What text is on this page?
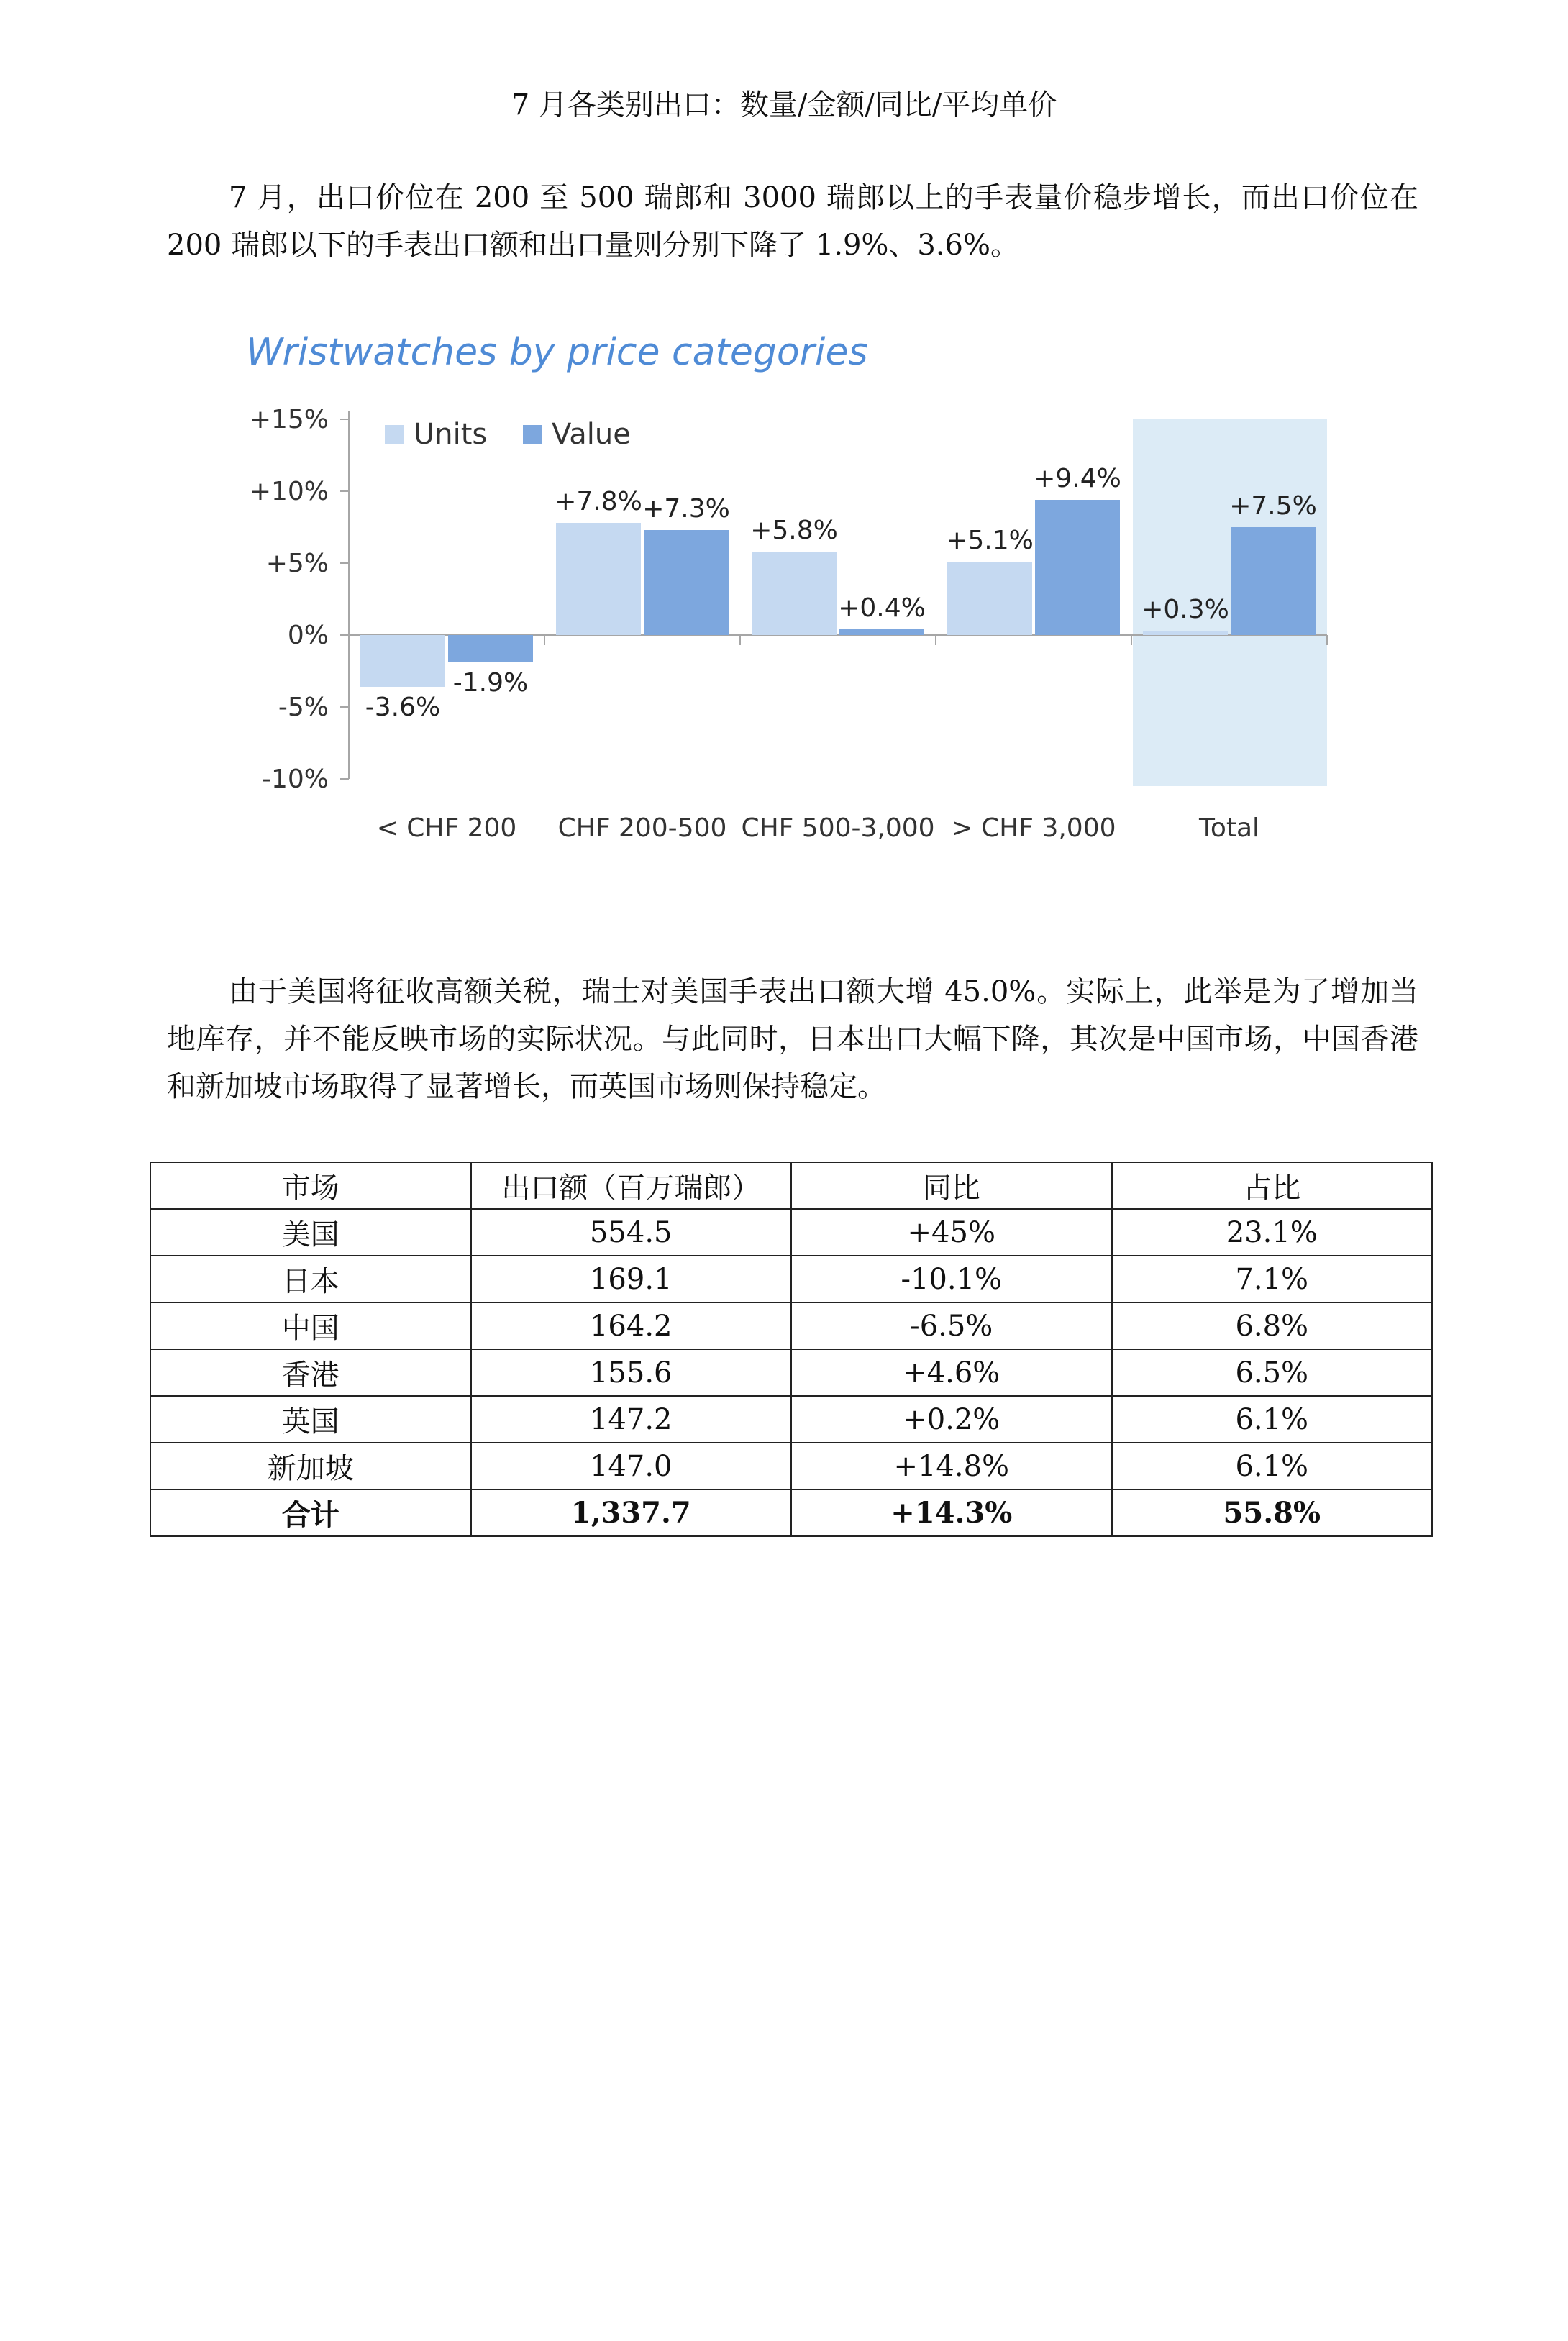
7 月各类别出口：数量/金额/同比/平均单价

7 月，出口价位在 200 至 500 瑞郎和 3000 瑞郎以上的手表量价稳步增长，而出口价位在 200 瑞郎以下的手表出口额和出口量则分别下降了 1.9%、3.6%。

Wristwatches by price categories
+15%
+10%
+5%
0%
-5%
-10%
-3.6%
-1.9%
< CHF 200
+7.8% +7.3%
CHF 200-500
+5.8%
+0.4%
CHF 500-3,000
+5.1%
+9.4%
> CHF 3,000
+0.3%
+7.5%
Total
Units Value

由于美国将征收高额关税，瑞士对美国手表出口额大增 45.0%。实际上，此举是为了增加当地库存，并不能反映市场的实际状况。与此同时，日本出口大幅下降，其次是中国市场，中国香港和新加坡市场取得了显著增长，而英国市场则保持稳定。

市场	出口额（百万瑞郎）	同比	占比
美国	554.5	+45%	23.1%
日本	169.1	-10.1%	7.1%
中国	164.2	-6.5%	6.8%
香港	155.6	+4.6%	6.5%
英国	147.2	+0.2%	6.1%
新加坡	147.0	+14.8%	6.1%
合计	1,337.7	+14.3%	55.8%
